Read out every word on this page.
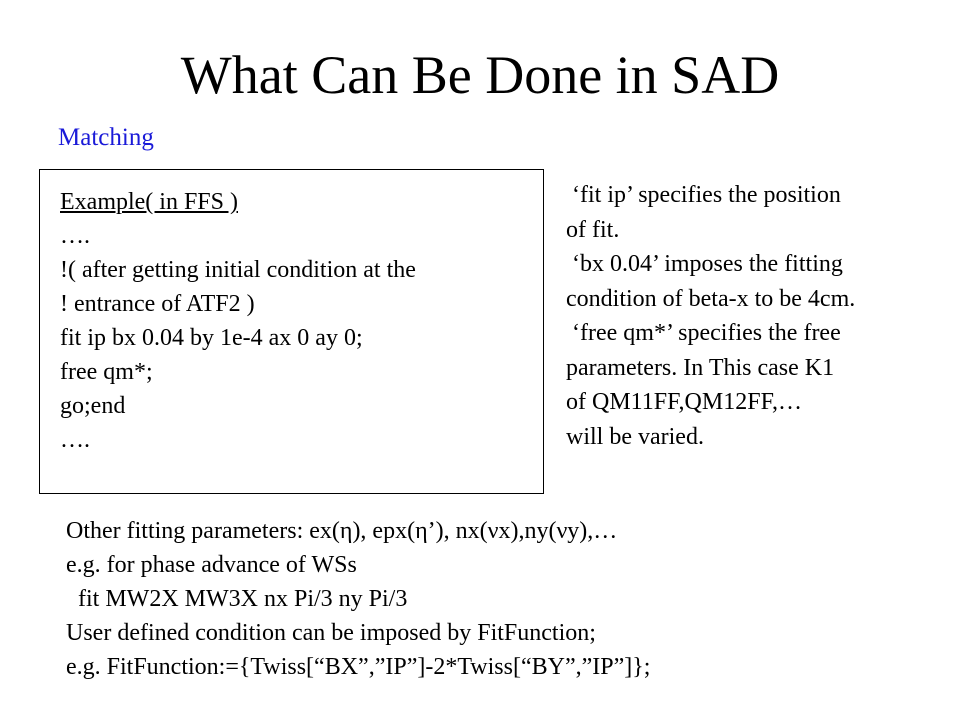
What Can Be Done in SAD
Matching
Example( in FFS )
….
!( after getting initial condition at the
! entrance of ATF2 )
fit ip bx 0.04 by 1e-4 ax 0 ay 0;
free qm*;
go;end
….
‘fit ip’ specifies the position
of fit.
‘bx 0.04’ imposes the fitting
condition of beta-x to be 4cm.
‘free qm*’ specifies the free
parameters. In This case K1
of QM11FF,QM12FF,…
will be varied.
Other fitting parameters: ex(η), epx(η’), nx(νx),ny(νy),…
e.g. for phase advance of WSs
fit MW2X MW3X nx Pi/3 ny Pi/3
User defined condition can be imposed by FitFunction;
e.g. FitFunction:={Twiss[“BX”,”IP”]-2*Twiss[“BY”,”IP”]};
